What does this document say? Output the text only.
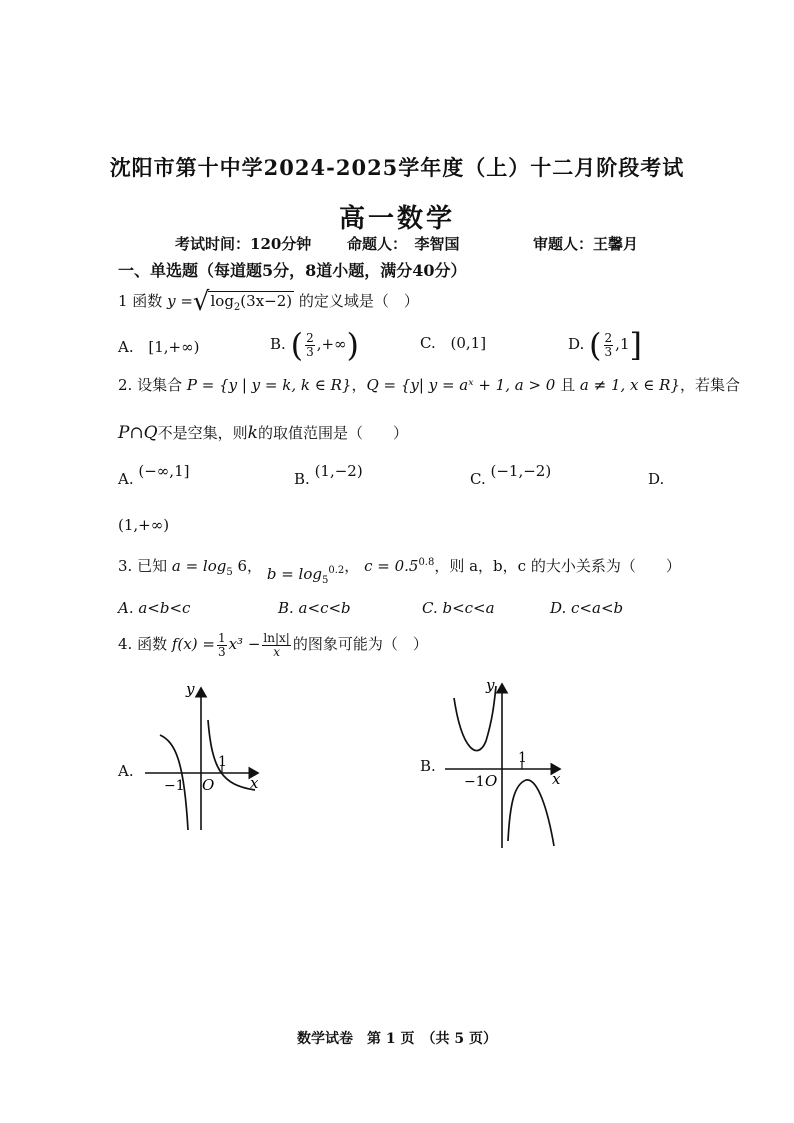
沈阳市第十中学2024-2025学年度（上）十二月阶段考试
高一数学
考试时间：120分钟 命题人：　李智国	审题人：王馨月
一、单选题（每道题5分，8道小题，满分40分）
1 函数 $y =√\log_2(3x-2)$ 的定义域是（　）
A. [1,+∞)	B. ( $\frac{2}{3}$ ,+∞)	C. (0,1]	D. ( $\frac{2}{3} ,1$]
2. 设集合 P = {y | y = k, k ∈ R}，Q = {y| y = aˣ + 1, a > 0 且 a ≠ 1, x ∈ R}，若集合
P∩Q不是空集，则k的取值范围是（　　）
A. (−∞,1]	B. (1,−2)	C. (−1,−2)	D.
(1,+∞)
3. 已知 $a = \log_5 6$， $b = \log_5^{0.2}$， $c = 0.5^{0.8}$，则 a，b，c 的大小关系为（　　）
A. a<b<c	B. a<c<b	C. b<c<a	D. c<a<b
4. 函数 $f(x) = \frac{1}{3} x^3 - \frac{\ln|x|}{x}$ 的图象可能为（　）
A.
y
x
O
−1
1	B.
y
x
O
−1
1
数学试卷　第 1 页　（共 5 页）
